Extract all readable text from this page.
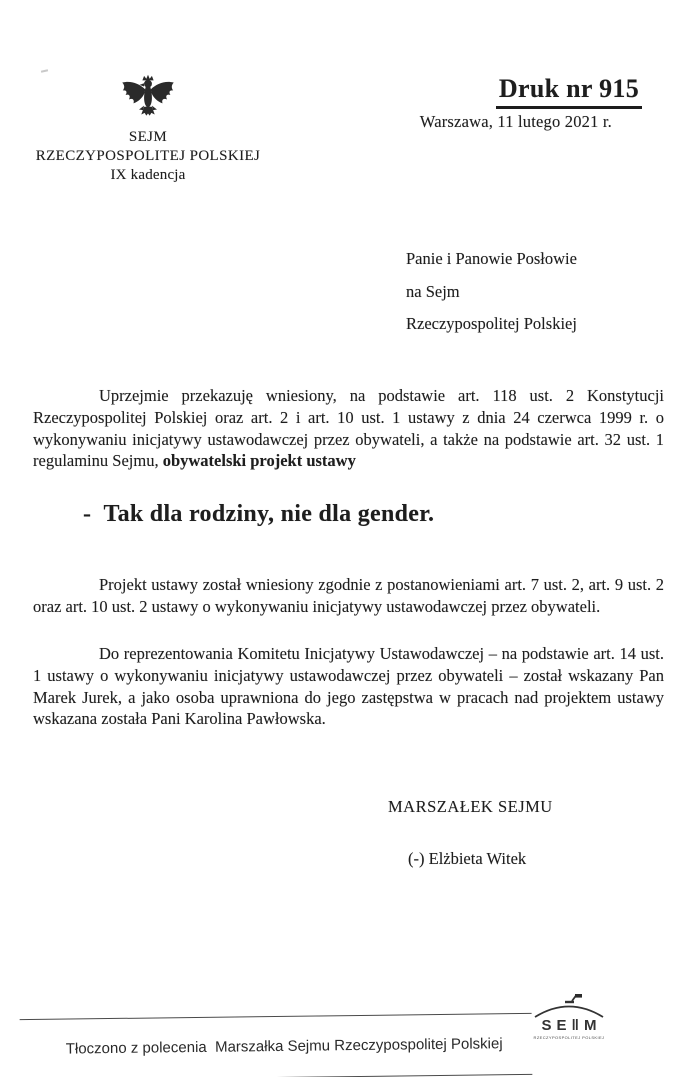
SEJM
RZECZYPOSPOLITEJ POLSKIEJ
IX kadencja
Druk nr 915
Warszawa, 11 lutego 2021 r.
Panie i Panowie Posłowie
na Sejm
Rzeczypospolitej Polskiej

Uprzejmie przekazuję wniesiony, na podstawie art. 118 ust. 2 Konstytucji Rzeczypospolitej Polskiej oraz art. 2 i art. 10 ust. 1 ustawy z dnia 24 czerwca 1999 r. o wykonywaniu inicjatywy ustawodawczej przez obywateli, a także na podstawie art. 32 ust. 1 regulaminu Sejmu, obywatelski projekt ustawy

-  Tak dla rodziny, nie dla gender.

Projekt ustawy został wniesiony zgodnie z postanowieniami art. 7 ust. 2, art. 9 ust. 2 oraz art. 10 ust. 2 ustawy o wykonywaniu inicjatywy ustawodawczej przez obywateli.

Do reprezentowania Komitetu Inicjatywy Ustawodawczej – na podstawie art. 14 ust. 1 ustawy o wykonywaniu inicjatywy ustawodawczej przez obywateli – został wskazany Pan Marek Jurek, a jako osoba uprawniona do jego zastępstwa w pracach nad projektem ustawy wskazana została Pani Karolina Pawłowska.

MARSZAŁEK SEJMU
(-) Elżbieta Witek

Tłoczono z polecenia  Marszałka Sejmu Rzeczypospolitej Polskiej

SE‖M
RZECZYPOSPOLITEJ POLSKIEJ
